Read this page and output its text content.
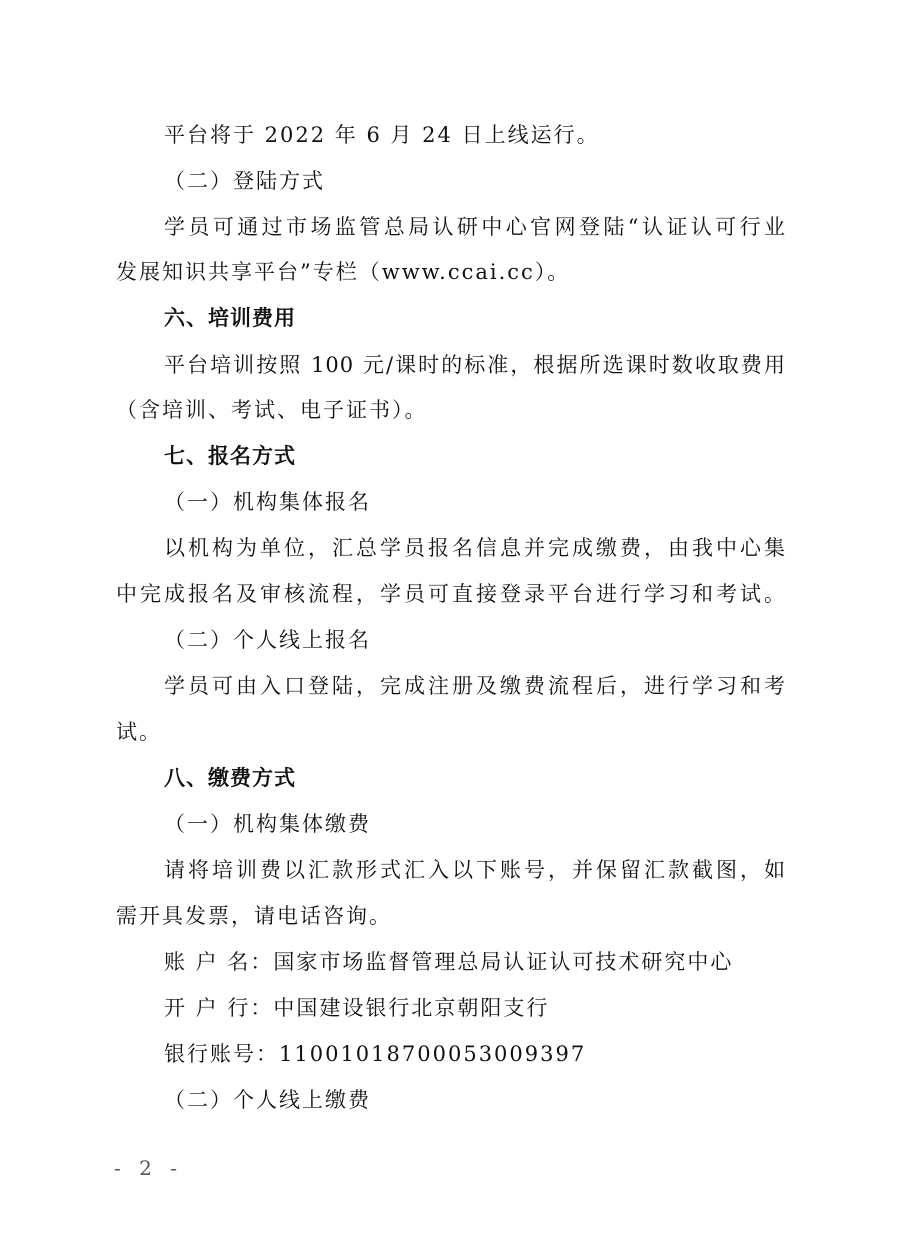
平台将于 2022 年 6 月 24 日上线运行。
（二）登陆方式
学员可通过市场监管总局认研中心官网登陆“认证认可行业
发展知识共享平台”专栏（www.ccai.cc）。
六、培训费用
平台培训按照 100 元/课时的标准，根据所选课时数收取费用
（含培训、考试、电子证书）。
七、报名方式
（一）机构集体报名
以机构为单位，汇总学员报名信息并完成缴费，由我中心集
中完成报名及审核流程，学员可直接登录平台进行学习和考试。
（二）个人线上报名
学员可由入口登陆，完成注册及缴费流程后，进行学习和考
试。
八、缴费方式
（一）机构集体缴费
请将培训费以汇款形式汇入以下账号，并保留汇款截图，如
需开具发票，请电话咨询。
账 户 名：国家市场监督管理总局认证认可技术研究中心
开 户 行：中国建设银行北京朝阳支行
银行账号：11001018700053009397
（二）个人线上缴费
- 2 -
